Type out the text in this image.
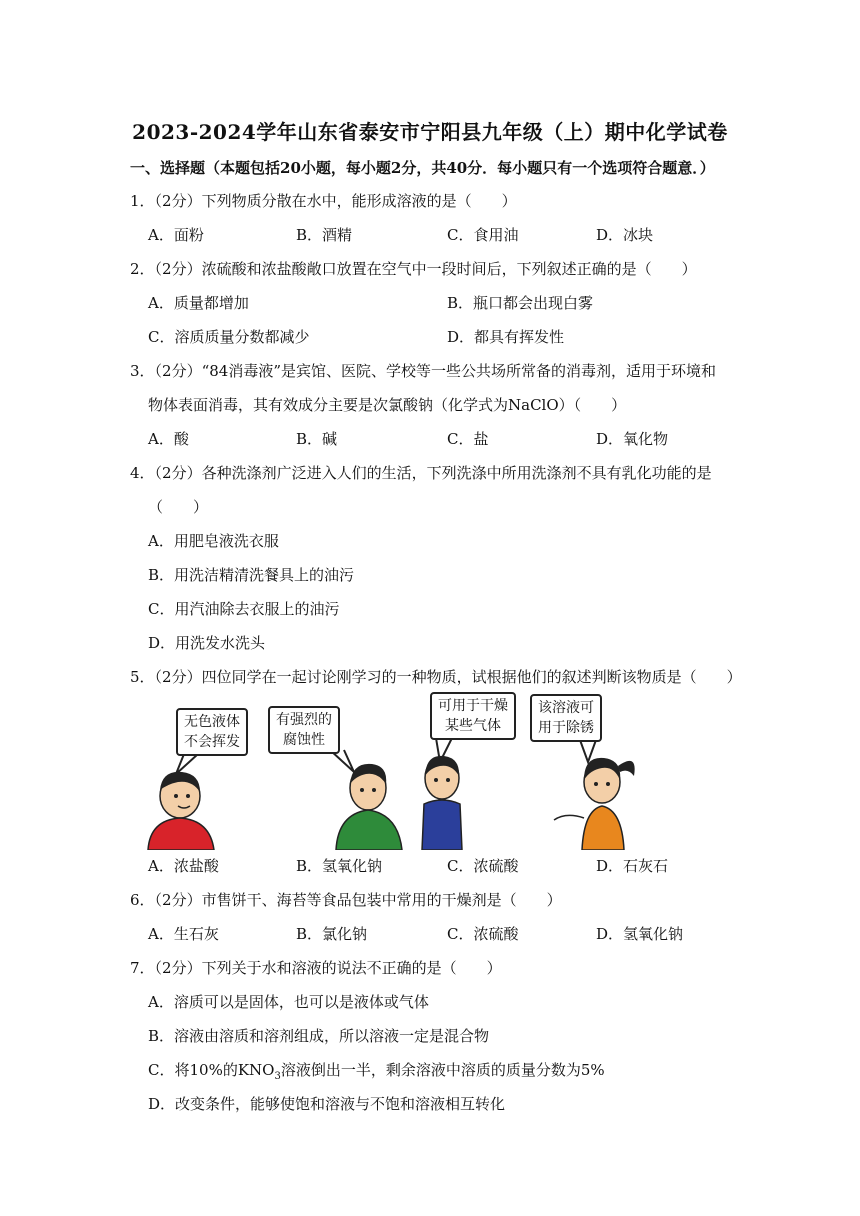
2023-2024学年山东省泰安市宁阳县九年级（上）期中化学试卷
一、选择题（本题包括20小题，每小题2分，共40分．每小题只有一个选项符合题意．）
1．（2分）下列物质分散在水中，能形成溶液的是（　　）
A．面粉	B．酒精	C．食用油	D．冰块
2．（2分）浓硫酸和浓盐酸敞口放置在空气中一段时间后，下列叙述正确的是（　　）
A．质量都增加	B．瓶口都会出现白雾
C．溶质质量分数都减少	D．都具有挥发性
3．（2分）“84消毒液”是宾馆、医院、学校等一些公共场所常备的消毒剂，适用于环境和
物体表面消毒，其有效成分主要是次氯酸钠（化学式为NaClO）（　　）
A．酸	B．碱	C．盐	D．氧化物
4．（2分）各种洗涤剂广泛进入人们的生活，下列洗涤中所用洗涤剂不具有乳化功能的是
（　　）
A．用肥皂液洗衣服
B．用洗洁精清洗餐具上的油污
C．用汽油除去衣服上的油污
D．用洗发水洗头
5．（2分）四位同学在一起讨论刚学习的一种物质，试根据他们的叙述判断该物质是（　　）
无色液体
不会挥发
有强烈的
腐蚀性
可用于干燥
某些气体
该溶液可
用于除锈
A．浓盐酸	B．氢氧化钠	C．浓硫酸	D．石灰石
6．（2分）市售饼干、海苔等食品包装中常用的干燥剂是（　　）
A．生石灰	B．氯化钠	C．浓硫酸	D．氢氧化钠
7．（2分）下列关于水和溶液的说法不正确的是（　　）
A．溶质可以是固体，也可以是液体或气体
B．溶液由溶质和溶剂组成，所以溶液一定是混合物
C．将10%的$KNO_3$溶液倒出一半，剩余溶液中溶质的质量分数为5%
D．改变条件，能够使饱和溶液与不饱和溶液相互转化
